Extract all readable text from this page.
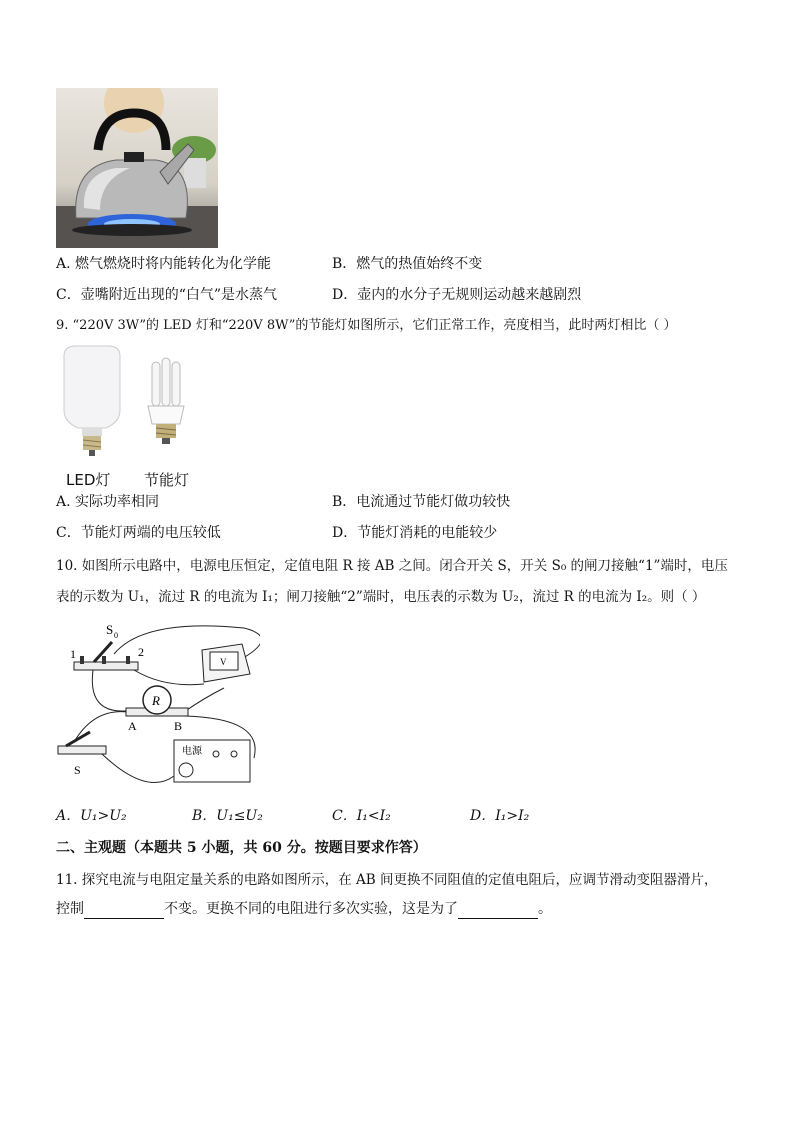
A. 燃气燃烧时将内能转化为化学能	B．燃气的热值始终不变
C．壶嘴附近出现的“白气”是水蒸气	D．壶内的水分子无规则运动越来越剧烈
9. “220V 3W”的 LED 灯和“220V 8W”的节能灯如图所示，它们正常工作，亮度相当，此时两灯相比（ ）
LED灯 节能灯
A. 实际功率相同	B．电流通过节能灯做功较快
C．节能灯两端的电压较低	D．节能灯消耗的电能较少
10. 如图所示电路中，电源电压恒定，定值电阻 R 接 AB 之间。闭合开关 S，开关 S₀ 的闸刀接触“1”端时，电压
表的示数为 U₁，流过 R 的电流为 I₁；闸刀接触“2”端时，电压表的示数为 U₂，流过 R 的电流为 I₂。则（ ）
S 0
1	2
V
R
A	B
S
电源
A．U₁>U₂	B．U₁≤U₂	C．I₁<I₂	D．I₁>I₂
二、主观题（本题共 5 小题，共 60 分。按题目要求作答）
11. 探究电流与电阻定量关系的电路如图所示，在 AB 间更换不同阻值的定值电阻后，应调节滑动变阻器滑片，
控制	不变。更换不同的电阻进行多次实验，这是为了	。
